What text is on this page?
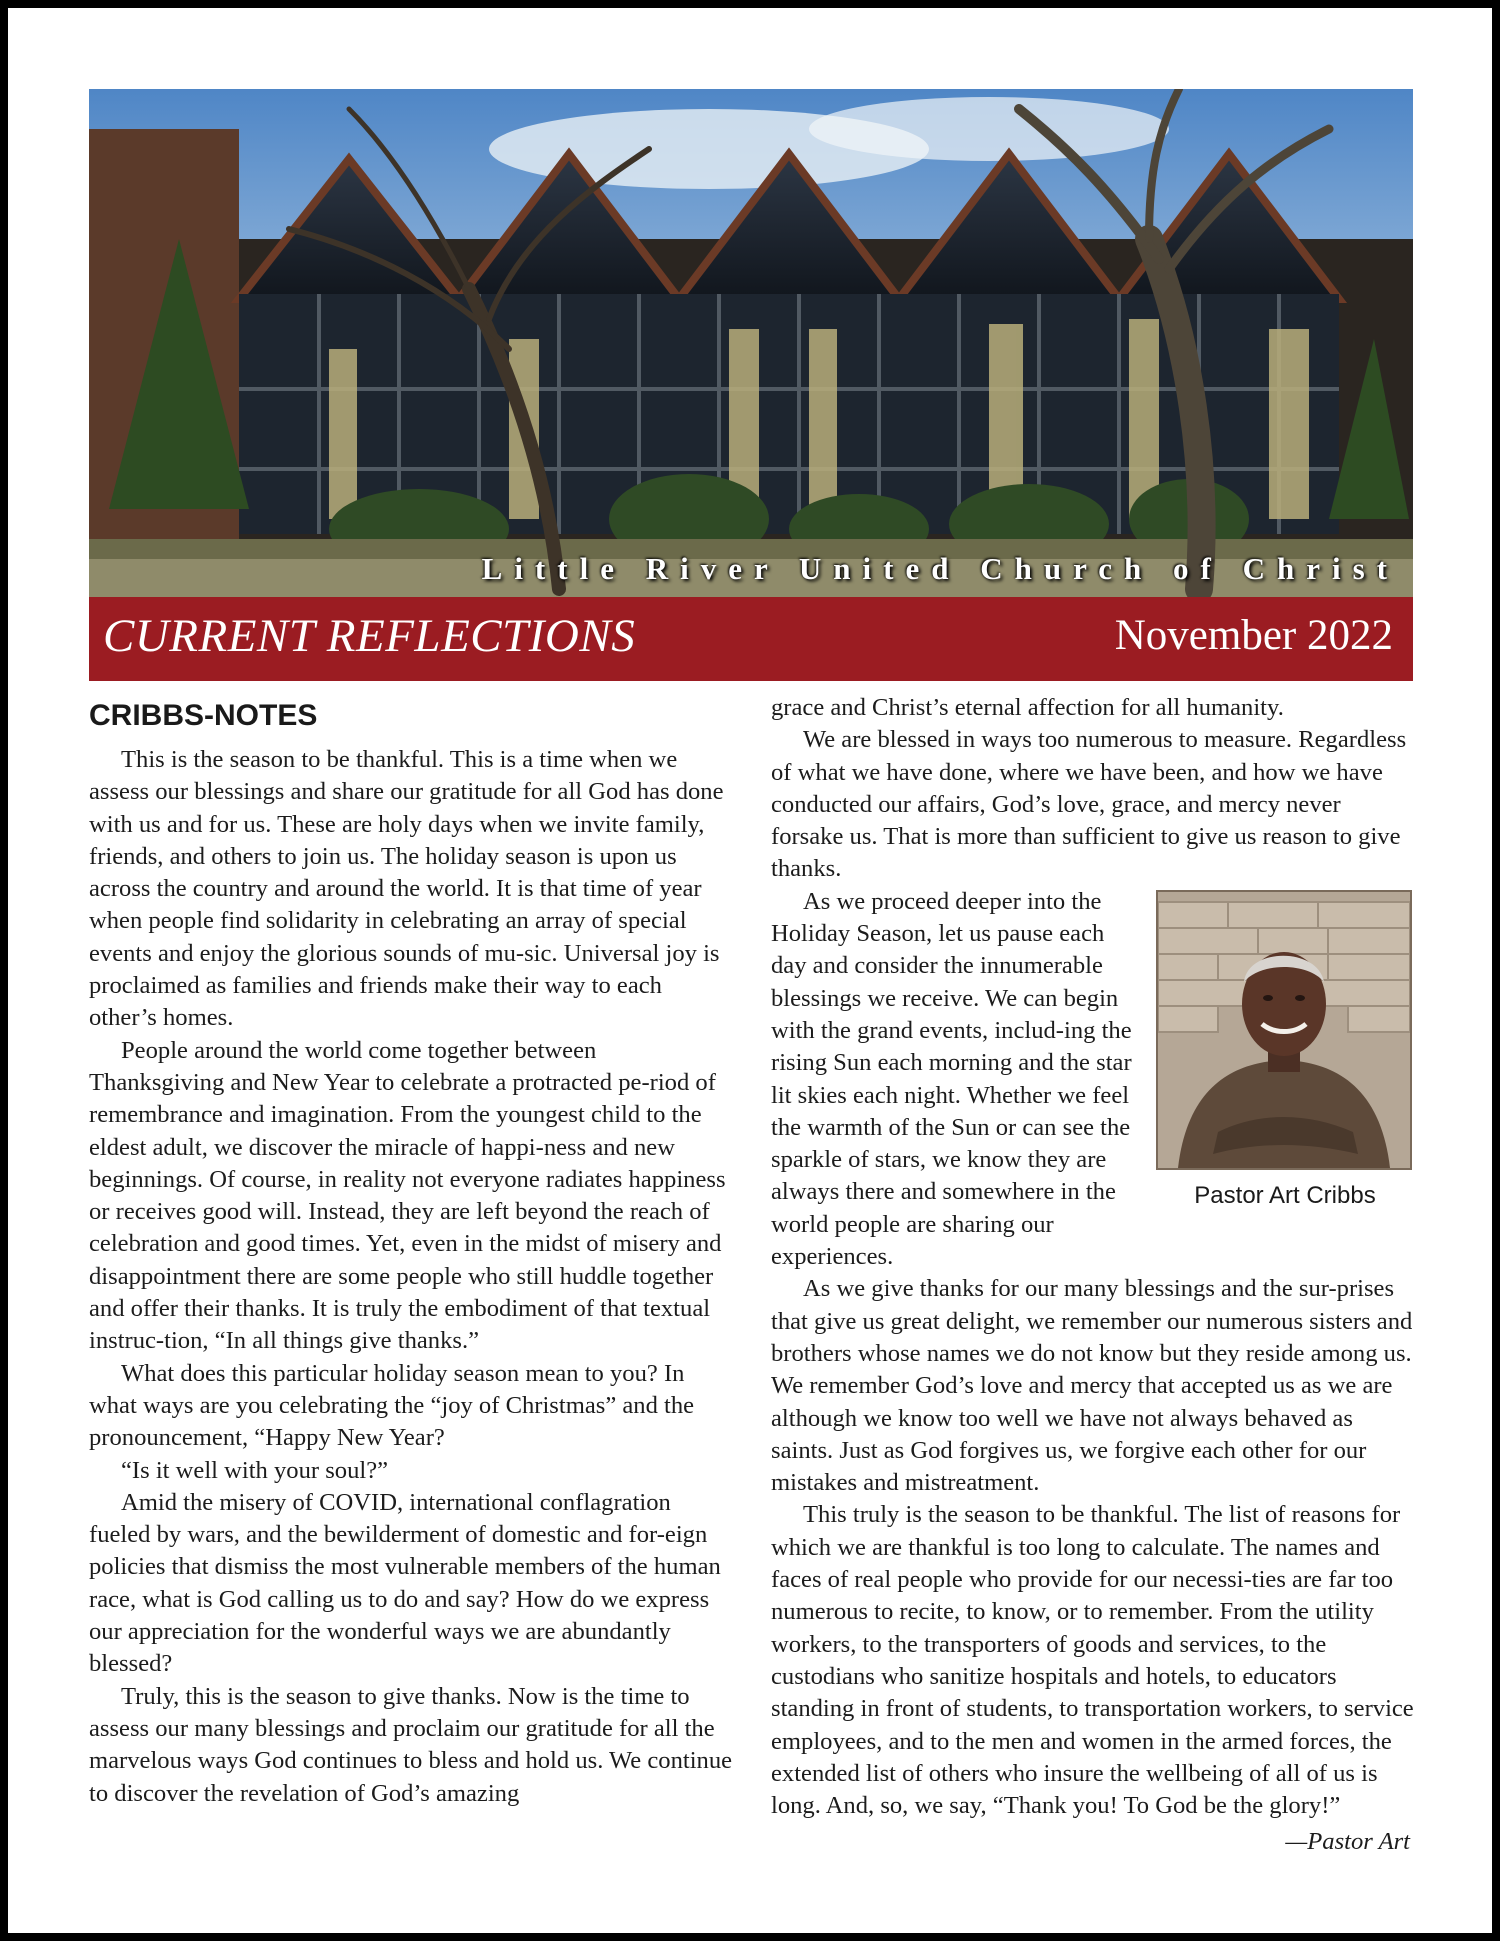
Little River United Church of Christ
CURRENT REFLECTIONS	November 2022
CRIBBS-NOTES

This is the season to be thankful. This is a time when we assess our blessings and share our gratitude for all God has done with us and for us. These are holy days when we invite family, friends, and others to join us. The holiday season is upon us across the country and around the world. It is that time of year when people find solidarity in celebrating an array of special events and enjoy the glorious sounds of mu-sic. Universal joy is proclaimed as families and friends make their way to each other’s homes.

People around the world come together between Thanksgiving and New Year to celebrate a protracted pe-riod of remembrance and imagination. From the youngest child to the eldest adult, we discover the miracle of happi-ness and new beginnings. Of course, in reality not everyone radiates happiness or receives good will. Instead, they are left beyond the reach of celebration and good times. Yet, even in the midst of misery and disappointment there are some people who still huddle together and offer their thanks. It is truly the embodiment of that textual instruc-tion, “In all things give thanks.”

What does this particular holiday season mean to you? In what ways are you celebrating the “joy of Christmas” and the pronouncement, “Happy New Year?

“Is it well with your soul?”

Amid the misery of COVID, international conflagration fueled by wars, and the bewilderment of domestic and for-eign policies that dismiss the most vulnerable members of the human race, what is God calling us to do and say? How do we express our appreciation for the wonderful ways we are abundantly blessed?

Truly, this is the season to give thanks. Now is the time to assess our many blessings and proclaim our gratitude for all the marvelous ways God continues to bless and hold us. We continue to discover the revelation of God’s amazing

grace and Christ’s eternal affection for all humanity.

We are blessed in ways too numerous to measure. Regardless of what we have done, where we have been, and how we have conducted our affairs, God’s love, grace, and mercy never forsake us. That is more than sufficient to give us reason to give thanks.

Pastor Art Cribbs

As we proceed deeper into the Holiday Season, let us pause each day and consider the innumerable blessings we receive. We can begin with the grand events, includ-ing the rising Sun each morning and the star lit skies each night. Whether we feel the warmth of the Sun or can see the sparkle of stars, we know they are always there and somewhere in the world people are sharing our experiences.

As we give thanks for our many blessings and the sur-prises that give us great delight, we remember our numerous sisters and brothers whose names we do not know but they reside among us. We remember God’s love and mercy that accepted us as we are although we know too well we have not always behaved as saints. Just as God forgives us, we forgive each other for our mistakes and mistreatment.

This truly is the season to be thankful. The list of reasons for which we are thankful is too long to calculate. The names and faces of real people who provide for our necessi-ties are far too numerous to recite, to know, or to remember. From the utility workers, to the transporters of goods and services, to the custodians who sanitize hospitals and hotels, to educators standing in front of students, to transportation workers, to service employees, and to the men and women in the armed forces, the extended list of others who insure the wellbeing of all of us is long. And, so, we say, “Thank you! To God be the glory!”

—Pastor Art
